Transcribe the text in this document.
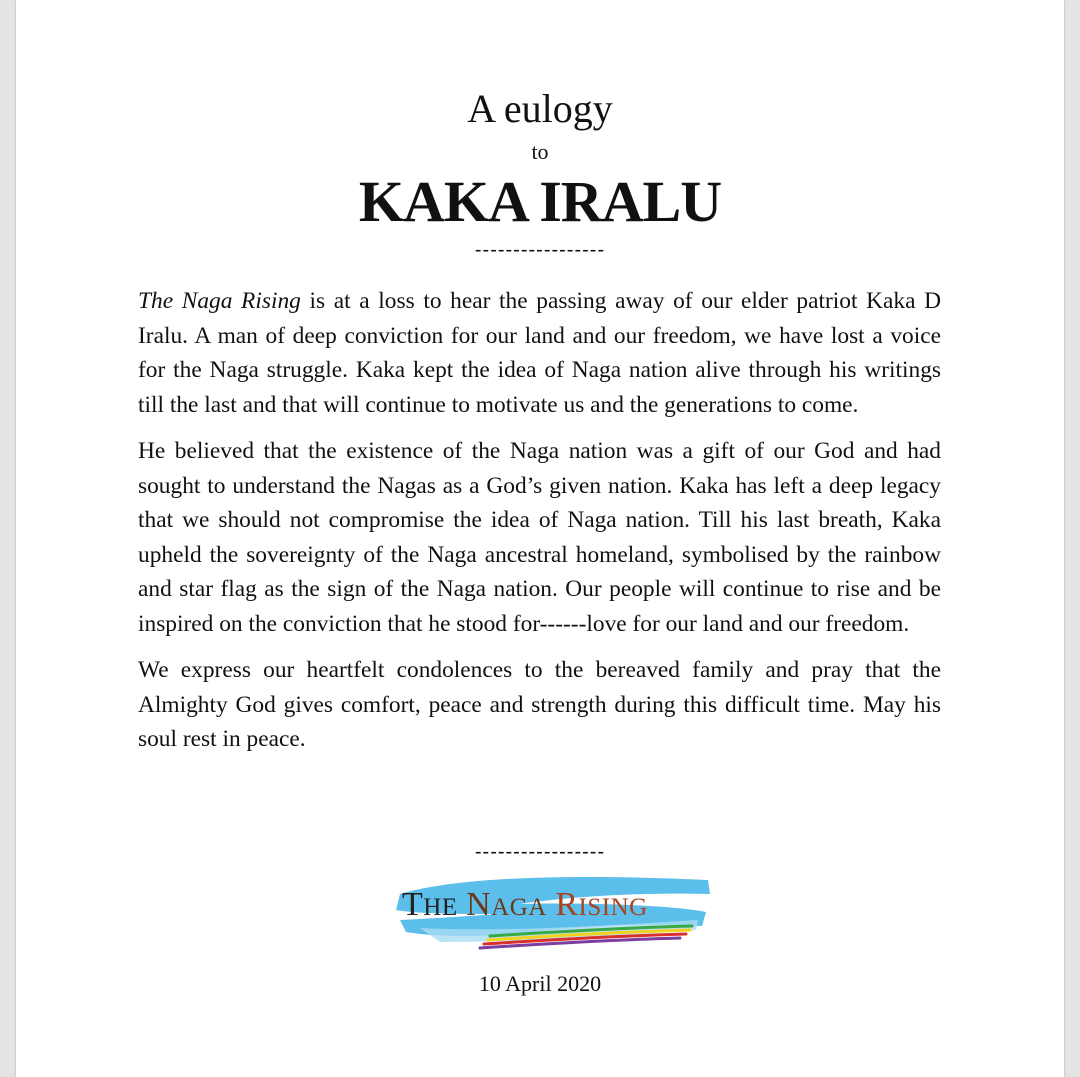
A eulogy
to
KAKA IRALU
-----------------

The Naga Rising is at a loss to hear the passing away of our elder patriot Kaka D Iralu. A man of deep conviction for our land and our freedom, we have lost a voice for the Naga struggle. Kaka kept the idea of Naga nation alive through his writings till the last and that will continue to motivate us and the generations to come.

He believed that the existence of the Naga nation was a gift of our God and had sought to understand the Nagas as a God’s given nation. Kaka has left a deep legacy that we should not compromise the idea of Naga nation. Till his last breath, Kaka upheld the sovereignty of the Naga ancestral homeland, symbolised by the rainbow and star flag as the sign of the Naga nation. Our people will continue to rise and be inspired on the conviction that he stood for------love for our land and our freedom.

We express our heartfelt condolences to the bereaved family and pray that the Almighty God gives comfort, peace and strength during this difficult time. May his soul rest in peace.

-----------------
THE NAGA RISING
10 April 2020
